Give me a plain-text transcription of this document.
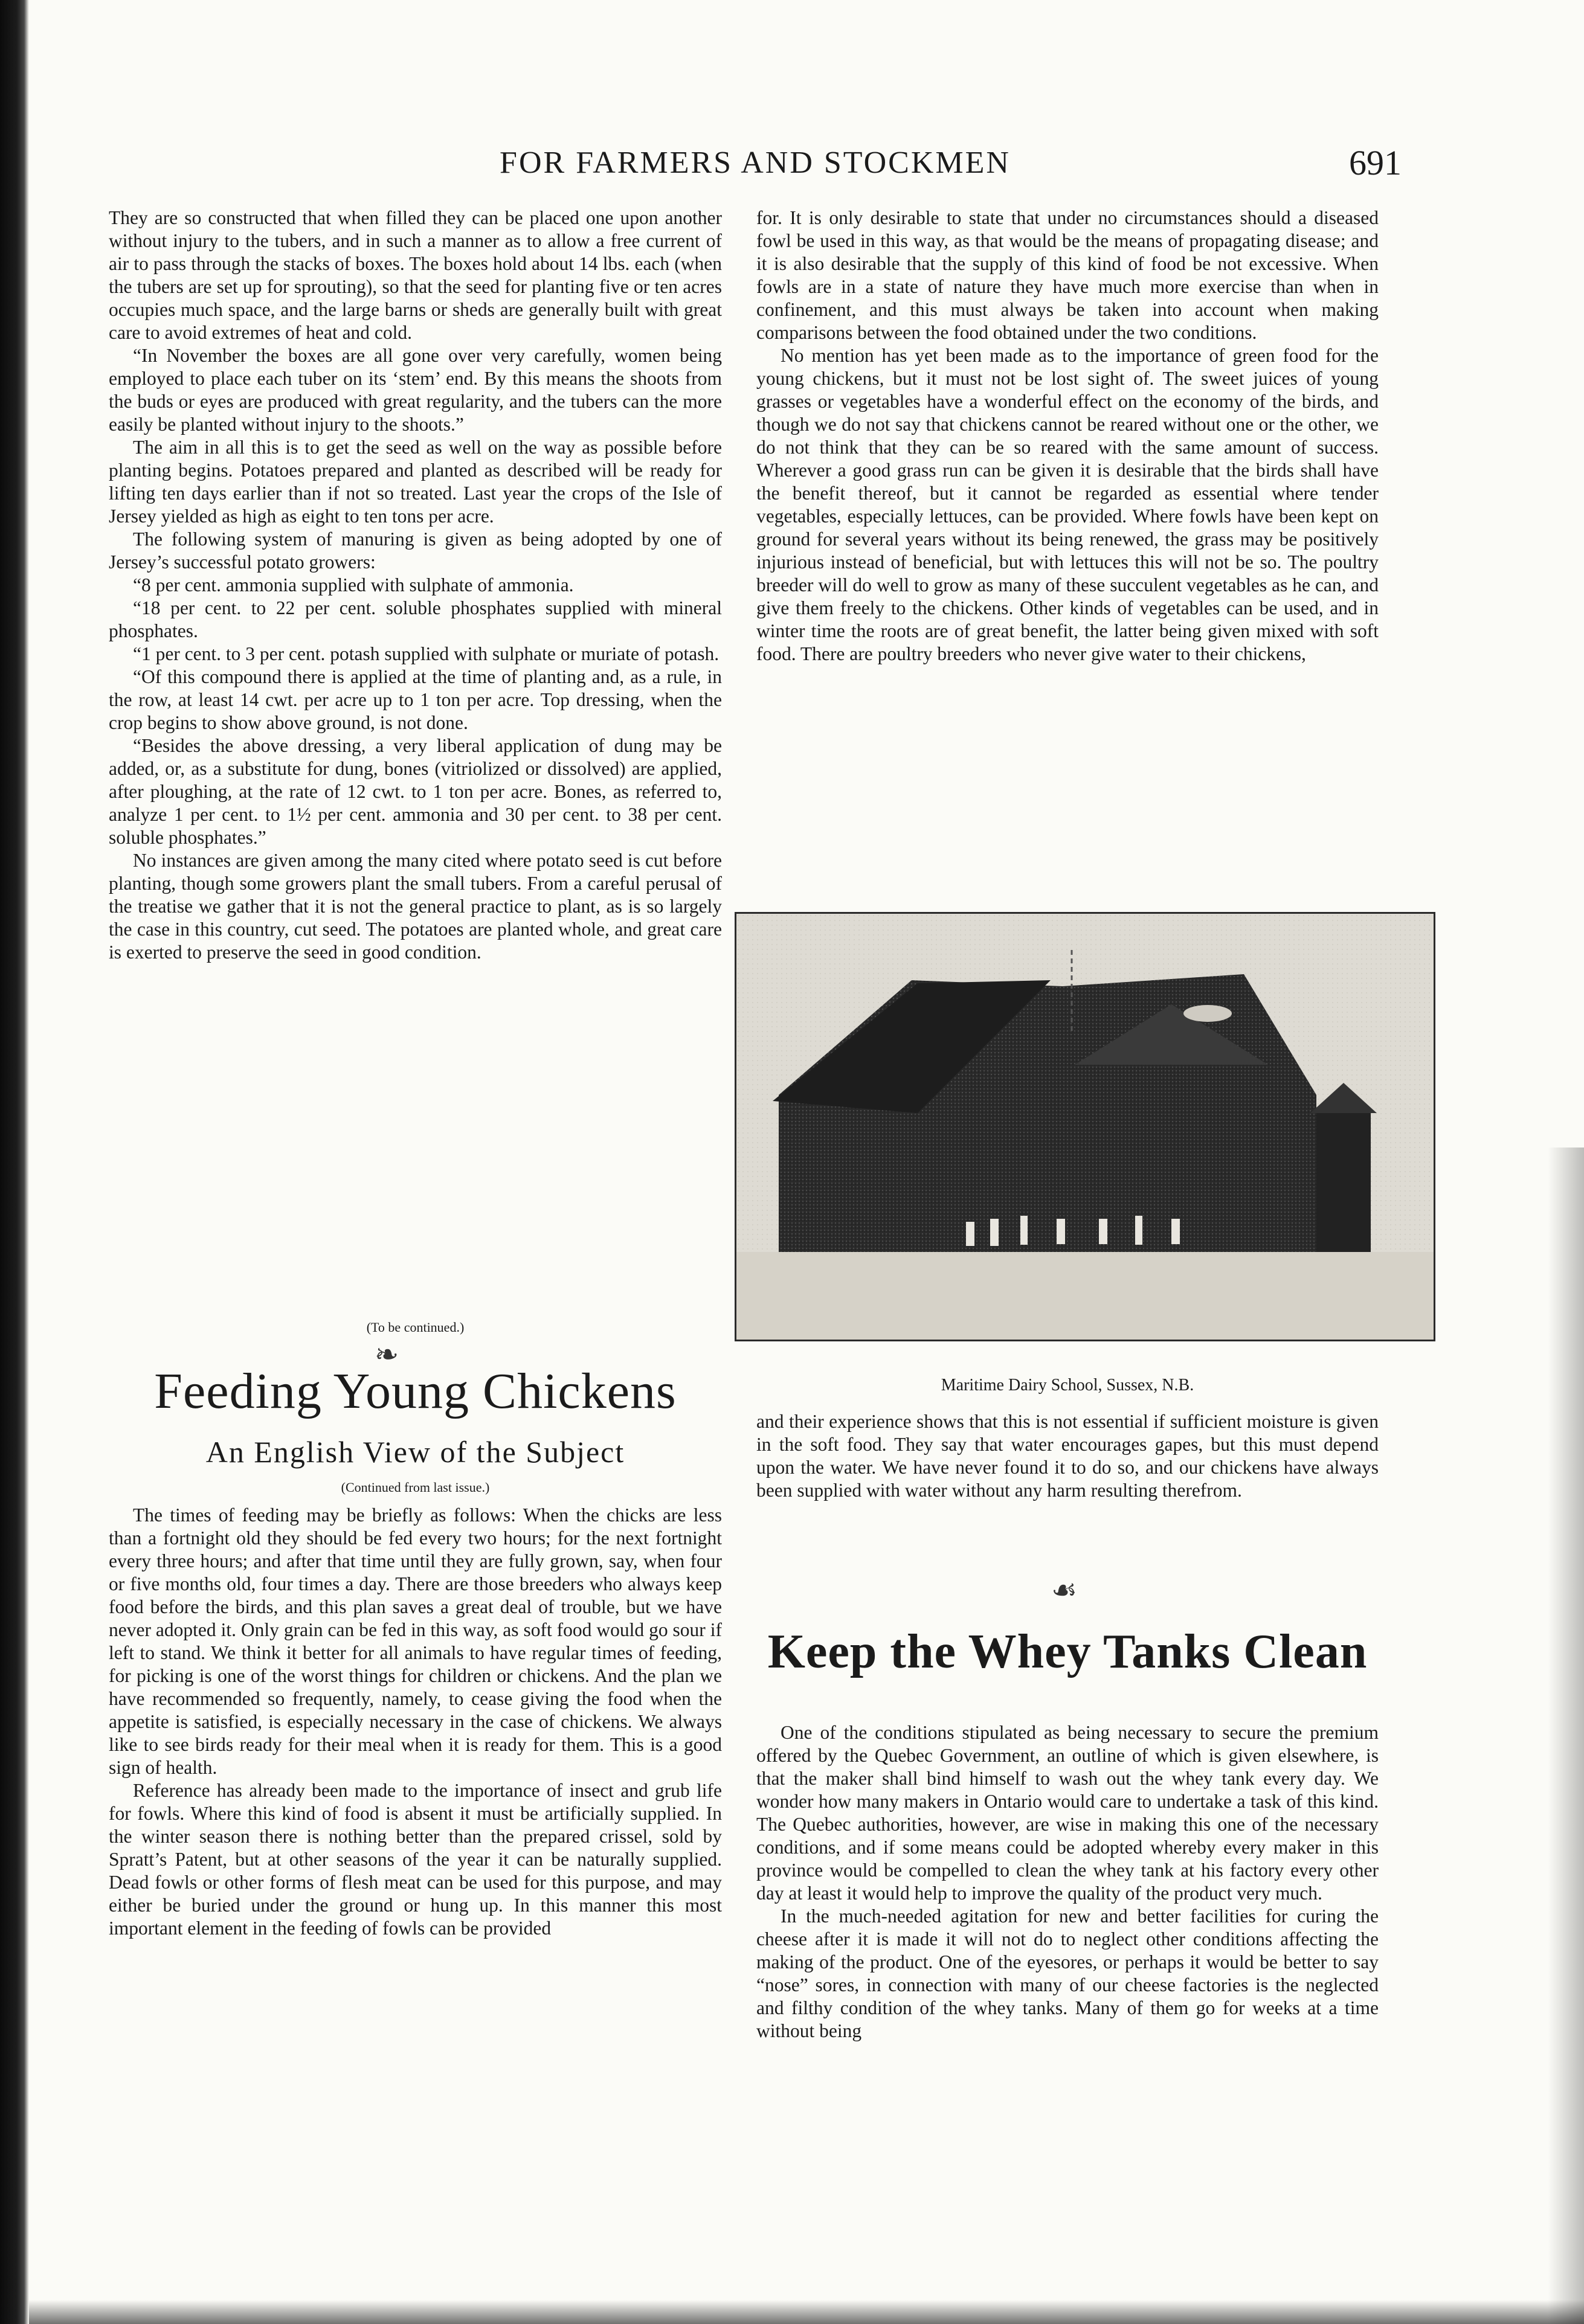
FOR FARMERS AND STOCKMEN	691

They are so constructed that when filled they can be placed one upon another without injury to the tubers, and in such a manner as to allow a free current of air to pass through the stacks of boxes. The boxes hold about 14 lbs. each (when the tubers are set up for sprouting), so that the seed for planting five or ten acres occupies much space, and the large barns or sheds are generally built with great care to avoid extremes of heat and cold.

“In November the boxes are all gone over very carefully, women being employed to place each tuber on its ‘stem’ end. By this means the shoots from the buds or eyes are produced with great regularity, and the tubers can the more easily be planted without injury to the shoots.”

The aim in all this is to get the seed as well on the way as possible before planting begins. Potatoes prepared and planted as described will be ready for lifting ten days earlier than if not so treated. Last year the crops of the Isle of Jersey yielded as high as eight to ten tons per acre.

The following system of manuring is given as being adopted by one of Jersey’s successful potato growers:

“8 per cent. ammonia supplied with sulphate of ammonia.

“18 per cent. to 22 per cent. soluble phosphates supplied with mineral phosphates.

“1 per cent. to 3 per cent. potash supplied with sulphate or muriate of potash.

“Of this compound there is applied at the time of planting and, as a rule, in the row, at least 14 cwt. per acre up to 1 ton per acre. Top dressing, when the crop begins to show above ground, is not done.

“Besides the above dressing, a very liberal application of dung may be added, or, as a substitute for dung, bones (vitriolized or dissolved) are applied, after ploughing, at the rate of 12 cwt. to 1 ton per acre. Bones, as referred to, analyze 1 per cent. to 1½ per cent. ammonia and 30 per cent. to 38 per cent. soluble phosphates.”

No instances are given among the many cited where potato seed is cut before planting, though some growers plant the small tubers. From a careful perusal of the treatise we gather that it is not the general practice to plant, as is so largely the case in this country, cut seed. The potatoes are planted whole, and great care is exerted to preserve the seed in good condition.

(To be continued.)
❧
Feeding Young Chickens
An English View of the Subject
(Continued from last issue.)

The times of feeding may be briefly as follows: When the chicks are less than a fortnight old they should be fed every two hours; for the next fortnight every three hours; and after that time until they are fully grown, say, when four or five months old, four times a day. There are those breeders who always keep food before the birds, and this plan saves a great deal of trouble, but we have never adopted it. Only grain can be fed in this way, as soft food would go sour if left to stand. We think it better for all animals to have regular times of feeding, for picking is one of the worst things for children or chickens. And the plan we have recommended so frequently, namely, to cease giving the food when the appetite is satisfied, is especially necessary in the case of chickens. We always like to see birds ready for their meal when it is ready for them. This is a good sign of health.

Reference has already been made to the importance of insect and grub life for fowls. Where this kind of food is absent it must be artificially supplied. In the winter season there is nothing better than the prepared crissel, sold by Spratt’s Patent, but at other seasons of the year it can be naturally supplied. Dead fowls or other forms of flesh meat can be used for this purpose, and may either be buried under the ground or hung up. In this manner this most important element in the feeding of fowls can be provided

for. It is only desirable to state that under no circumstances should a diseased fowl be used in this way, as that would be the means of propagating disease; and it is also desirable that the supply of this kind of food be not excessive. When fowls are in a state of nature they have much more exercise than when in confinement, and this must always be taken into account when making comparisons between the food obtained under the two conditions.

No mention has yet been made as to the importance of green food for the young chickens, but it must not be lost sight of. The sweet juices of young grasses or vegetables have a wonderful effect on the economy of the birds, and though we do not say that chickens cannot be reared without one or the other, we do not think that they can be so reared with the same amount of success. Wherever a good grass run can be given it is desirable that the birds shall have the benefit thereof, but it cannot be regarded as essential where tender vegetables, especially lettuces, can be provided. Where fowls have been kept on ground for several years without its being renewed, the grass may be positively injurious instead of beneficial, but with lettuces this will not be so. The poultry breeder will do well to grow as many of these succulent vegetables as he can, and give them freely to the chickens. Other kinds of vegetables can be used, and in winter time the roots are of great benefit, the latter being given mixed with soft food. There are poultry breeders who never give water to their chickens,

Maritime Dairy School, Sussex, N.B.

and their experience shows that this is not essential if sufficient moisture is given in the soft food. They say that water encourages gapes, but this must depend upon the water. We have never found it to do so, and our chickens have always been supplied with water without any harm resulting therefrom.

☙
Keep the Whey Tanks Clean

One of the conditions stipulated as being necessary to secure the premium offered by the Quebec Government, an outline of which is given elsewhere, is that the maker shall bind himself to wash out the whey tank every day. We wonder how many makers in Ontario would care to undertake a task of this kind. The Quebec authorities, however, are wise in making this one of the necessary conditions, and if some means could be adopted whereby every maker in this province would be compelled to clean the whey tank at his factory every other day at least it would help to improve the quality of the product very much.

In the much-needed agitation for new and better facilities for curing the cheese after it is made it will not do to neglect other conditions affecting the making of the product. One of the eyesores, or perhaps it would be better to say “nose” sores, in connection with many of our cheese factories is the neglected and filthy condition of the whey tanks. Many of them go for weeks at a time without being
